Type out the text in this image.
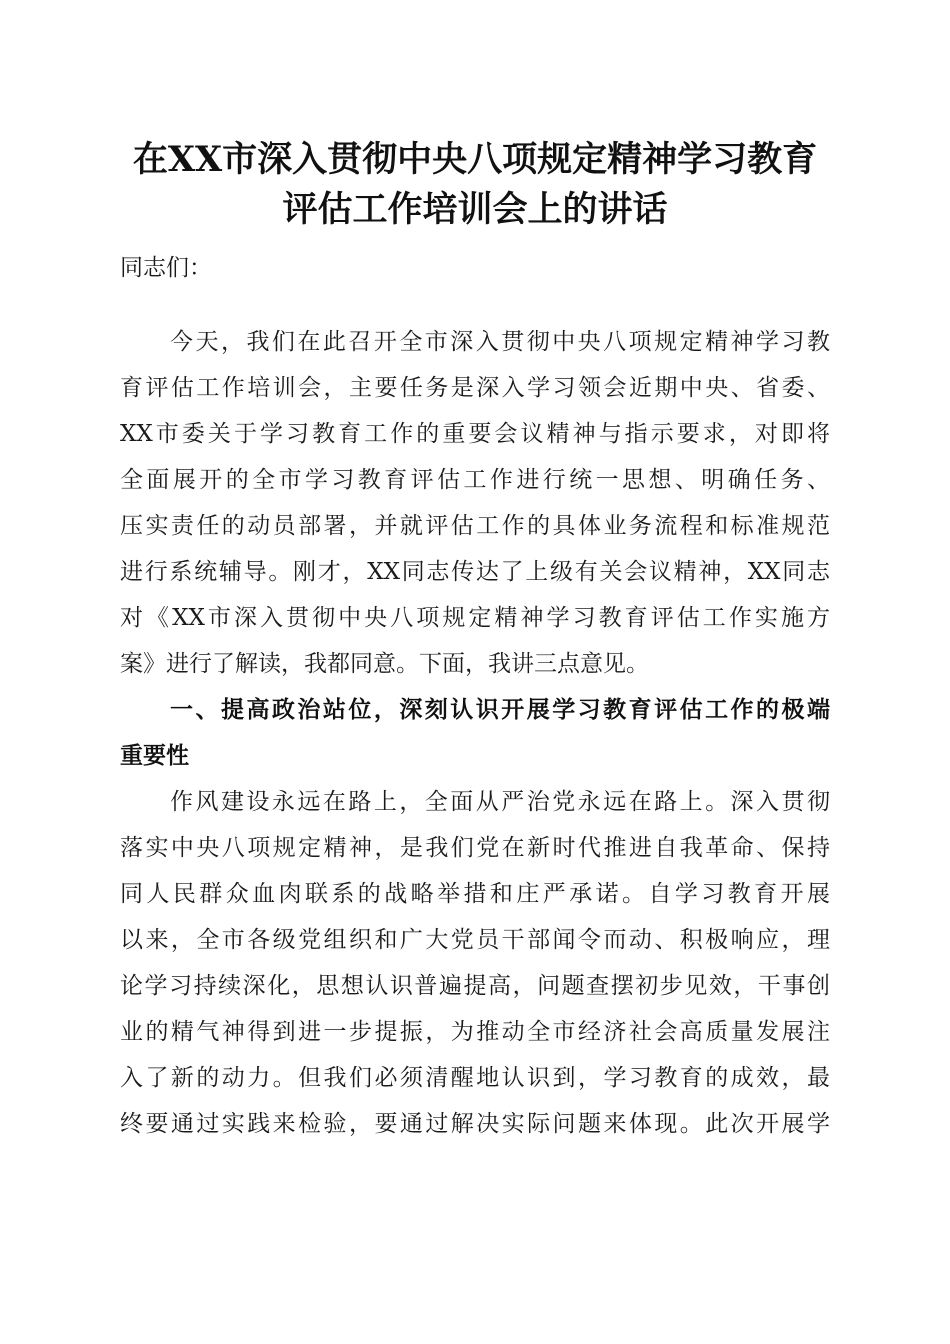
在XX市深入贯彻中央八项规定精神学习教育
评估工作培训会上的讲话
同志们：
今天，我们在此召开全市深入贯彻中央八项规定精神学习教
育评估工作培训会，主要任务是深入学习领会近期中央、省委、
XX市委关于学习教育工作的重要会议精神与指示要求，对即将
全面展开的全市学习教育评估工作进行统一思想、明确任务、
压实责任的动员部署，并就评估工作的具体业务流程和标准规范
进行系统辅导。刚才，XX同志传达了上级有关会议精神，XX同志
对《XX市深入贯彻中央八项规定精神学习教育评估工作实施方
案》进行了解读，我都同意。下面，我讲三点意见。
一、提高政治站位，深刻认识开展学习教育评估工作的极端
重要性
作风建设永远在路上，全面从严治党永远在路上。深入贯彻
落实中央八项规定精神，是我们党在新时代推进自我革命、保持
同人民群众血肉联系的战略举措和庄严承诺。自学习教育开展
以来，全市各级党组织和广大党员干部闻令而动、积极响应，理
论学习持续深化，思想认识普遍提高，问题查摆初步见效，干事创
业的精气神得到进一步提振，为推动全市经济社会高质量发展注
入了新的动力。但我们必须清醒地认识到，学习教育的成效，最
终要通过实践来检验，要通过解决实际问题来体现。此次开展学
